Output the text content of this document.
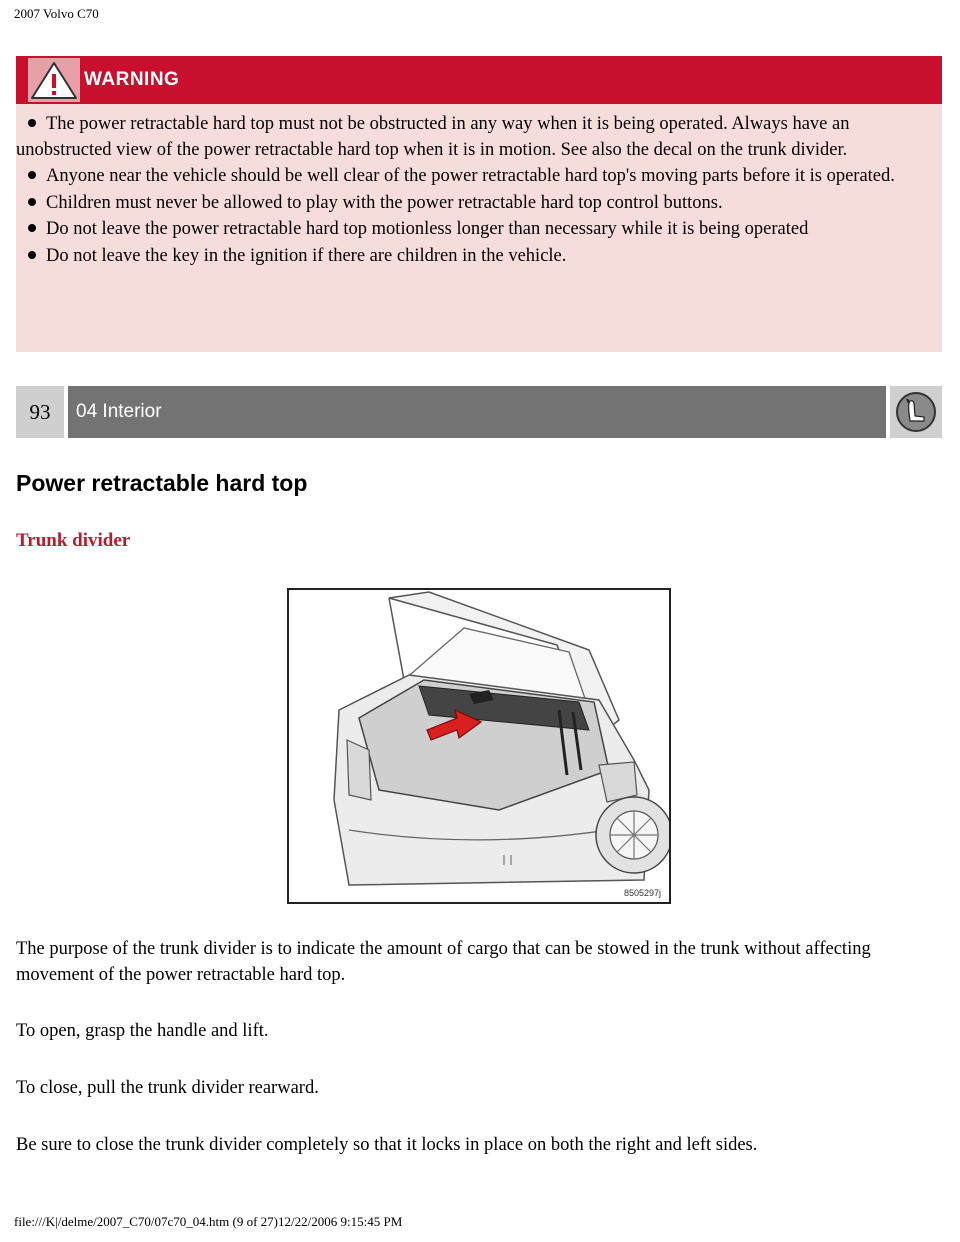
2007 Volvo C70
WARNING
The power retractable hard top must not be obstructed in any way when it is being operated. Always have an unobstructed view of the power retractable hard top when it is in motion. See also the decal on the trunk divider.
Anyone near the vehicle should be well clear of the power retractable hard top's moving parts before it is operated.
Children must never be allowed to play with the power retractable hard top control buttons.
Do not leave the power retractable hard top motionless longer than necessary while it is being operated
Do not leave the key in the ignition if there are children in the vehicle.
93	04 Interior
Power retractable hard top
Trunk divider
8505297j

The purpose of the trunk divider is to indicate the amount of cargo that can be stowed in the trunk without affecting movement of the power retractable hard top.

To open, grasp the handle and lift.

To close, pull the trunk divider rearward.

Be sure to close the trunk divider completely so that it locks in place on both the right and left sides.

file:///K|/delme/2007_C70/07c70_04.htm (9 of 27)12/22/2006 9:15:45 PM
